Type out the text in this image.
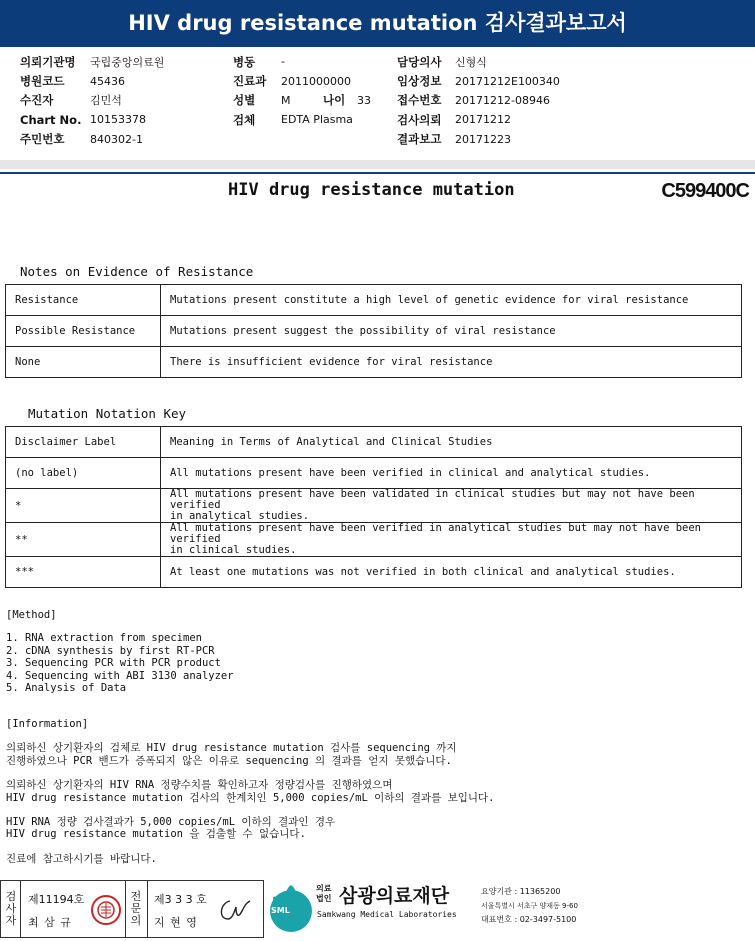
HIV drug resistance mutation 검사결과보고서
의뢰기관명	국립중앙의료원
병원코드	45436
수진자	김민석
Chart No. 10153378
주민번호	840302-1
병동	-
진료과	2011000000
성별	M	나이	33
검체	EDTA Plasma
담당의사	신형식
임상정보	20171212E100340
접수번호	20171212-08946
검사의뢰	20171212
결과보고	20171223
HIV drug resistance mutation	C599400C
Notes on Evidence of Resistance
Resistance	Mutations present constitute a high level of genetic evidence for viral resistance
Possible Resistance	Mutations present suggest the possibility of viral resistance
None	There is insufficient evidence for viral resistance
Mutation Notation Key
Disclaimer Label	Meaning in Terms of Analytical and Clinical Studies

(no label)	All mutations present have been verified in clinical and analytical studies.

*	All mutations present have been validated in clinical studies but may not have been verified
in analytical studies.

**	All mutations present have been verified in analytical studies but may not have been verified
in clinical studies.

***	At least one mutations was not verified in both clinical and analytical studies.
[Method]
1. RNA extraction from specimen
2. cDNA synthesis by first RT-PCR
3. Sequencing PCR with PCR product
4. Sequencing with ABI 3130 analyzer
5. Analysis of Data
[Information]
의뢰하신 상기환자의 검체로 HIV drug resistance mutation 검사를 sequencing 까지
진행하였으나 PCR 밴드가 증폭되지 않은 이유로 sequencing 의 결과를 얻지 못했습니다.
의뢰하신 상기환자의 HIV RNA 정량수치를 확인하고자 정량검사를 진행하였으며
HIV drug resistance mutation 검사의 한계치인 5,000 copies/mL 이하의 결과를 보입니다.
HIV RNA 정량 검사결과가 5,000 copies/mL 이하의 결과인 경우
HIV drug resistance mutation 을 검출할 수 없습니다.
진료에 참고하시기를 바랍니다.
검
사
자
제11194호
최 삼 규
전
문
의
제3 3 3 호
지 현 영
SML
의료
법인 삼광의료재단
Samkwang Medical Laboratories
요양기관 : 11365200
서울특별시 서초구 양재동 9-60
대표번호 : 02-3497-5100
